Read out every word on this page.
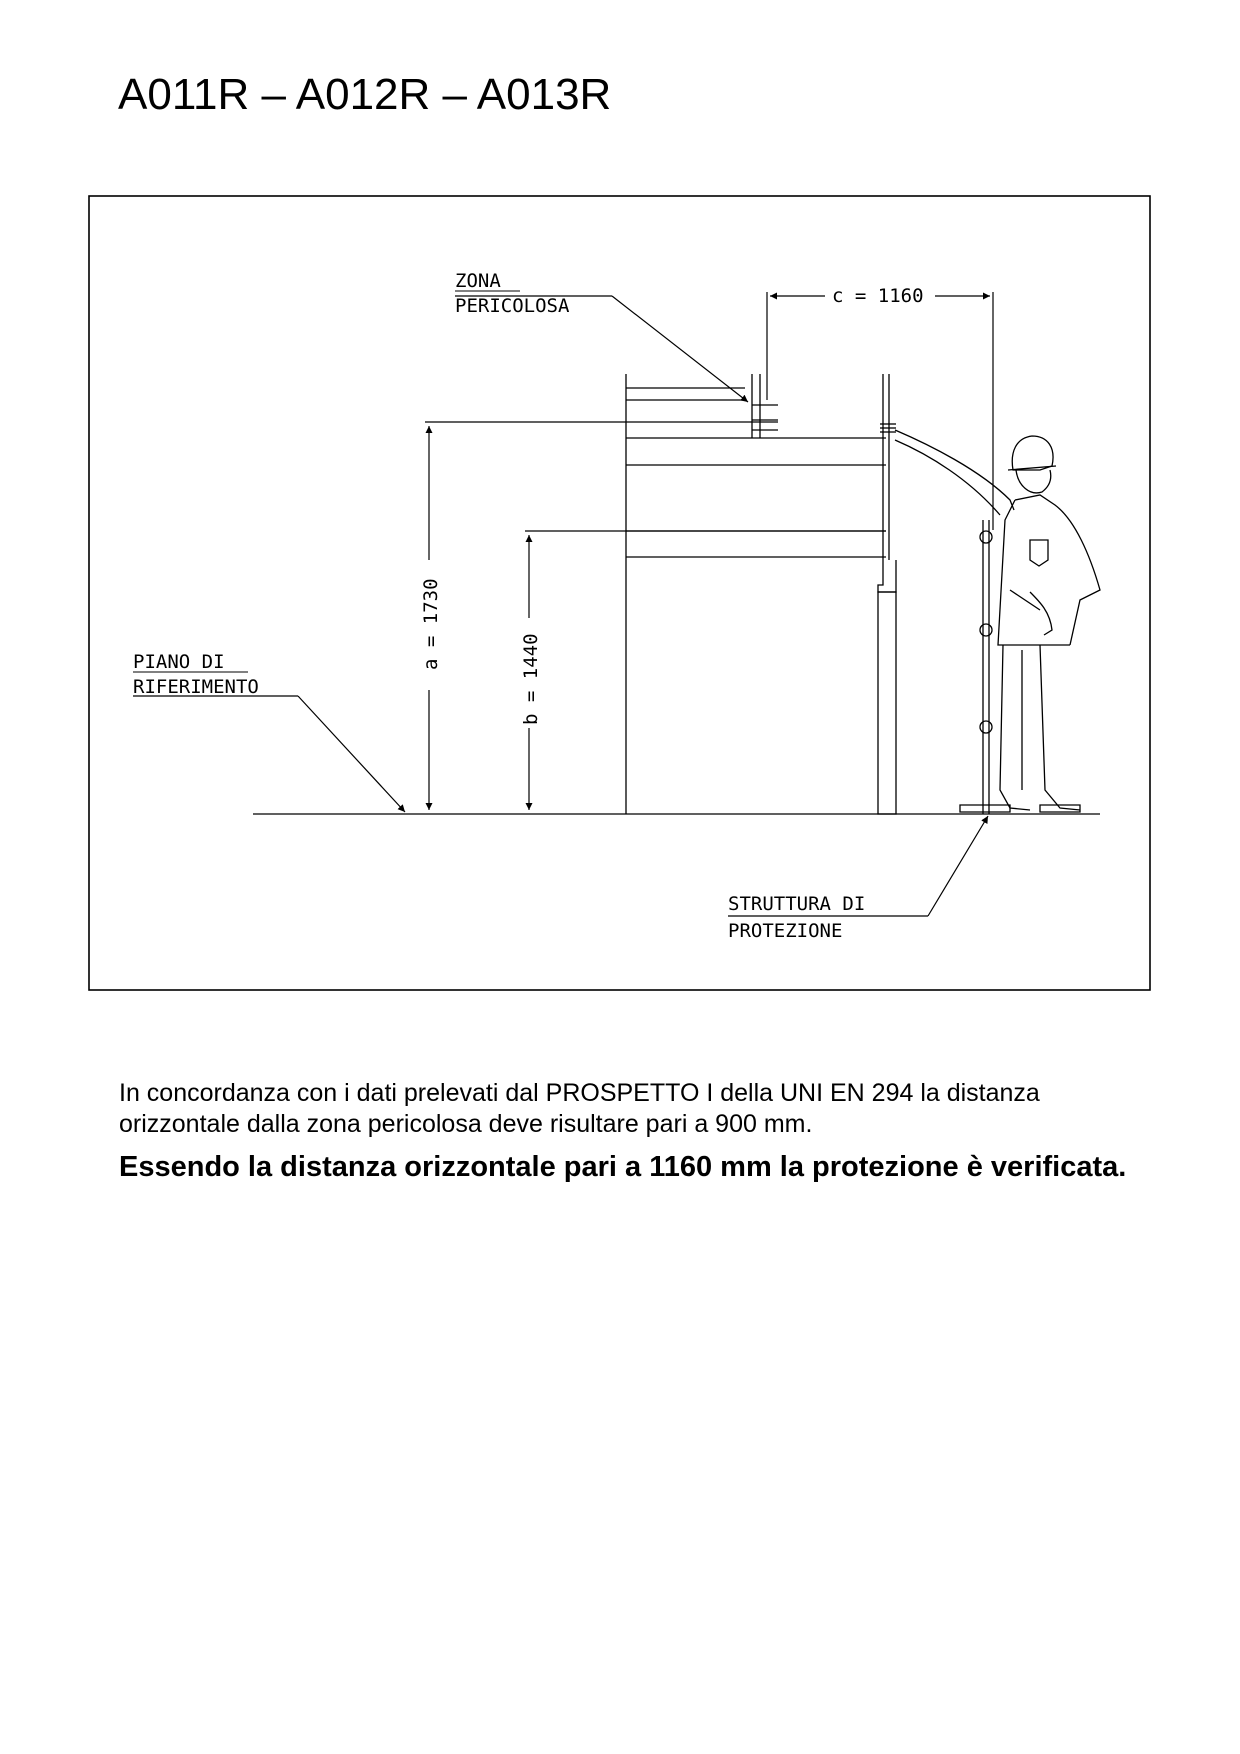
A011R – A012R – A013R
c = 1160
a = 1730
b = 1440
ZONA
PERICOLOSA
PIANO DI
RIFERIMENTO
STRUTTURA DI
PROTEZIONE

In concordanza con i dati prelevati dal PROSPETTO I della UNI EN 294 la distanza orizzontale dalla zona pericolosa deve risultare pari a 900 mm.

Essendo la distanza orizzontale pari a 1160 mm la protezione è verificata.
